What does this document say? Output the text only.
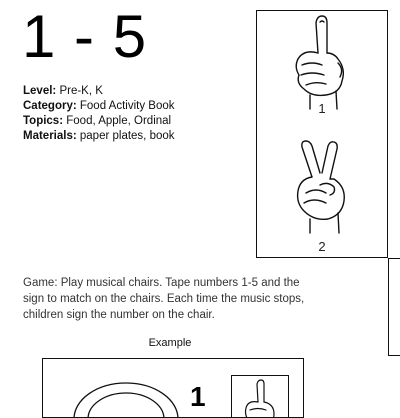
1 - 5
Level: Pre-K, K
Category: Food Activity Book
Topics: Food, Apple, Ordinal
Materials: paper plates, book
Game: Play musical chairs. Tape numbers 1-5 and the sign to match on the chairs. Each time the music stops, children sign the number on the chair.
Example
1
2
1
